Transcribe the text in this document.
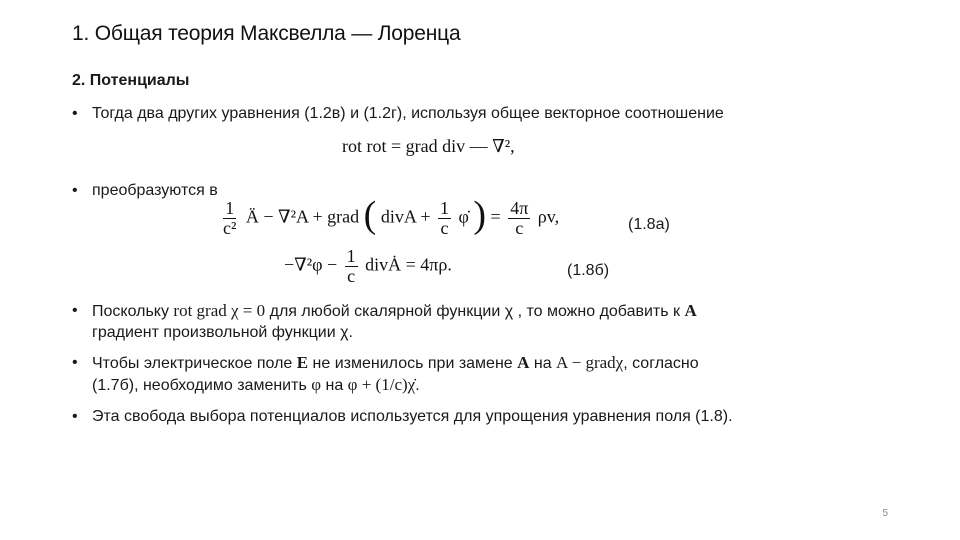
1. Общая теория Максвелла — Лоренца
2. Потенциалы
• Тогда два других уравнения (1.2в) и (1.2г), используя общее векторное соотношение
rot rot = grad div — ∇²,
• преобразуются в
$\frac{1}{\text{c²}}$ Ä − ∇²A + grad ( divA + $\frac{1}{c}$ φ̇ ) = $\frac{4\pi}{c} \rho v$,	(1.8а)
$-\nabla^2\varphi - \frac{1}{c}$ divȦ = 4πρ.	(1.8б)
• Поскольку rot grad χ = 0 для любой скалярной функции χ , то можно добавить к A
градиент произвольной функции χ.
• Чтобы электрическое поле E не изменилось при замене A на A − gradχ, согласно
(1.7б), необходимо заменить φ на φ + (1/c)χ̇.
• Эта свобода выбора потенциалов используется для упрощения уравнения поля (1.8).
5
